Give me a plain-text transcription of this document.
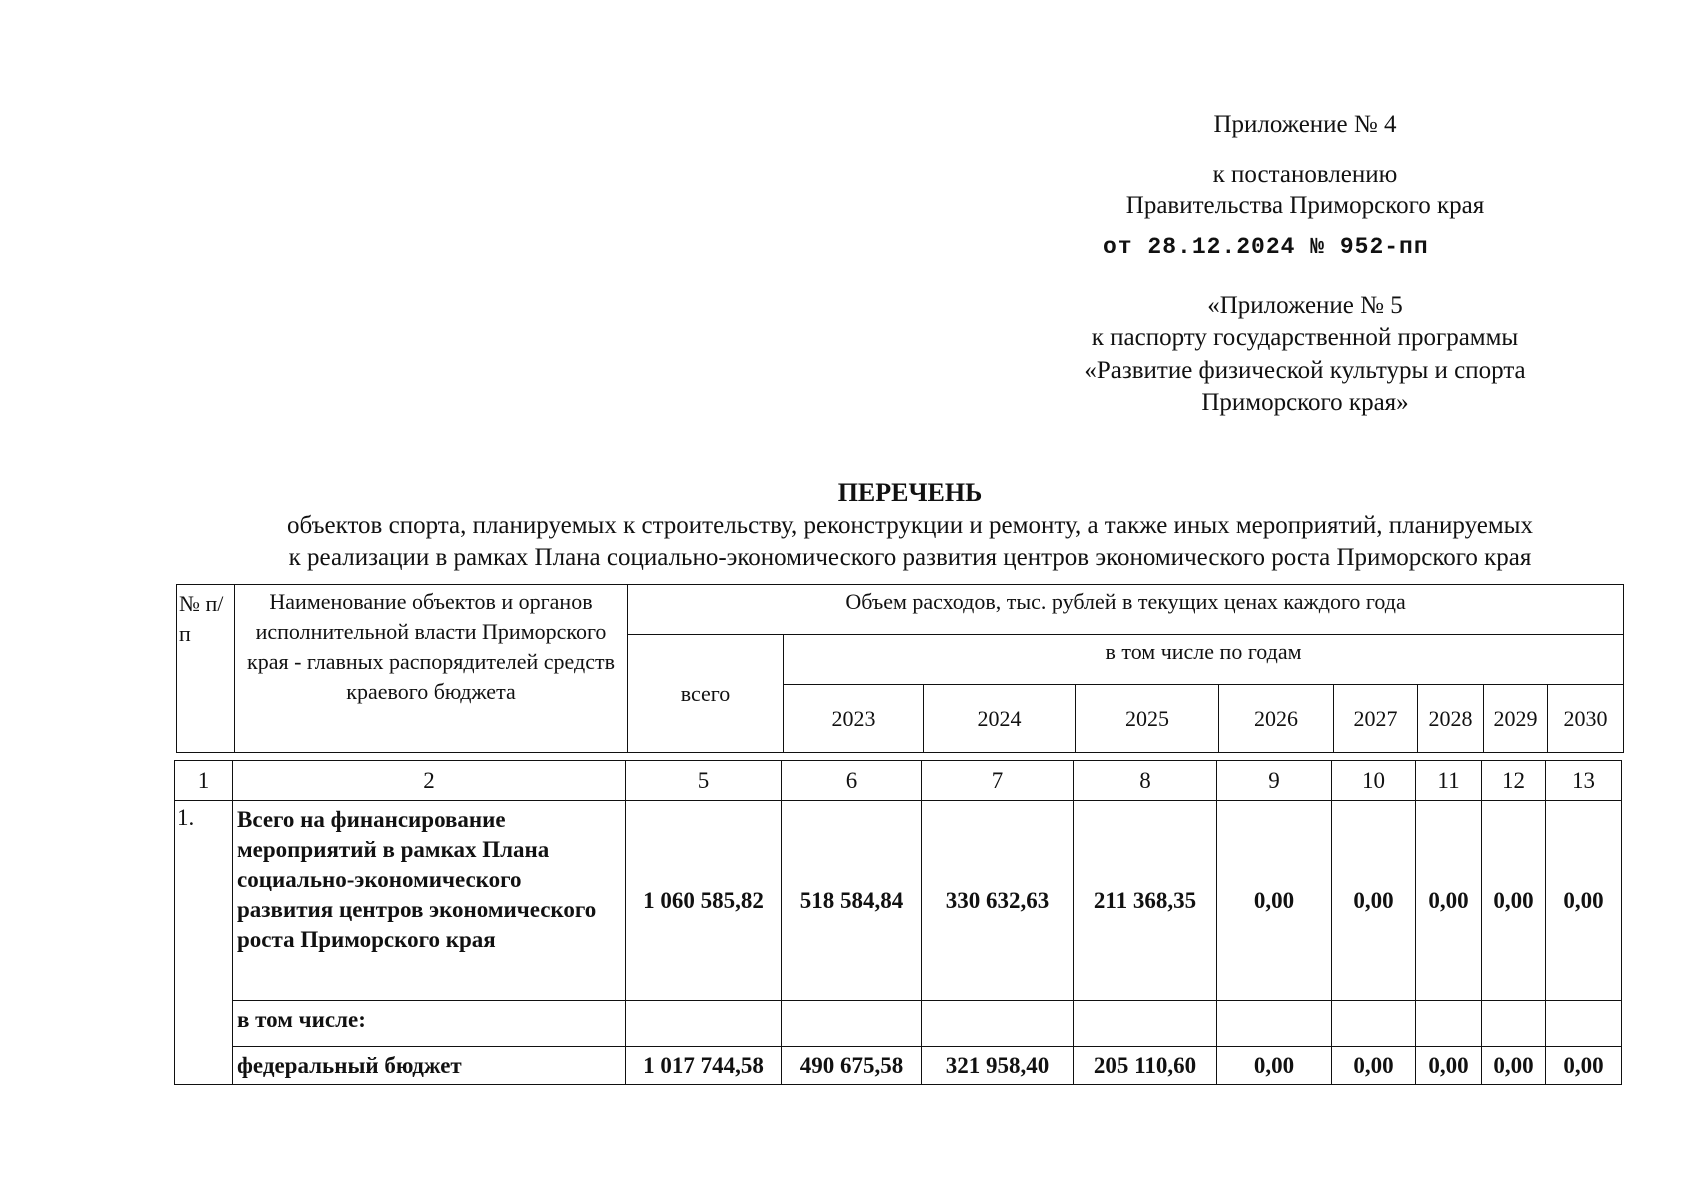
Приложение № 4
к постановлению
Правительства Приморского края
от 28.12.2024 № 952-пп
«Приложение № 5
к паспорту государственной программы
«Развитие физической культуры и спорта
Приморского края»
ПЕРЕЧЕНЬ
объектов спорта, планируемых к строительству, реконструкции и ремонту, а также иных мероприятий, планируемых
к реализации в рамках Плана социально-экономического развития центров экономического роста Приморского края
№ п/п	Наименование объектов и органов исполнительной власти Приморского края - главных распорядителей средств краевого бюджета	Объем расходов, тыс. рублей в текущих ценах каждого года								
		всего	в том числе по годам							
			2023	2024	2025	2026	2027	2028	2029	2030
1	2	5	6	7	8	9	10	11	12	13
1.	Всего на финансирование мероприятий в рамках Плана социально-экономического развития центров экономического роста Приморского края	1 060 585,82	518 584,84	330 632,63	211 368,35	0,00	0,00	0,00	0,00	0,00
	в том числе:									
	федеральный бюджет	1 017 744,58	490 675,58	321 958,40	205 110,60	0,00	0,00	0,00	0,00	0,00
